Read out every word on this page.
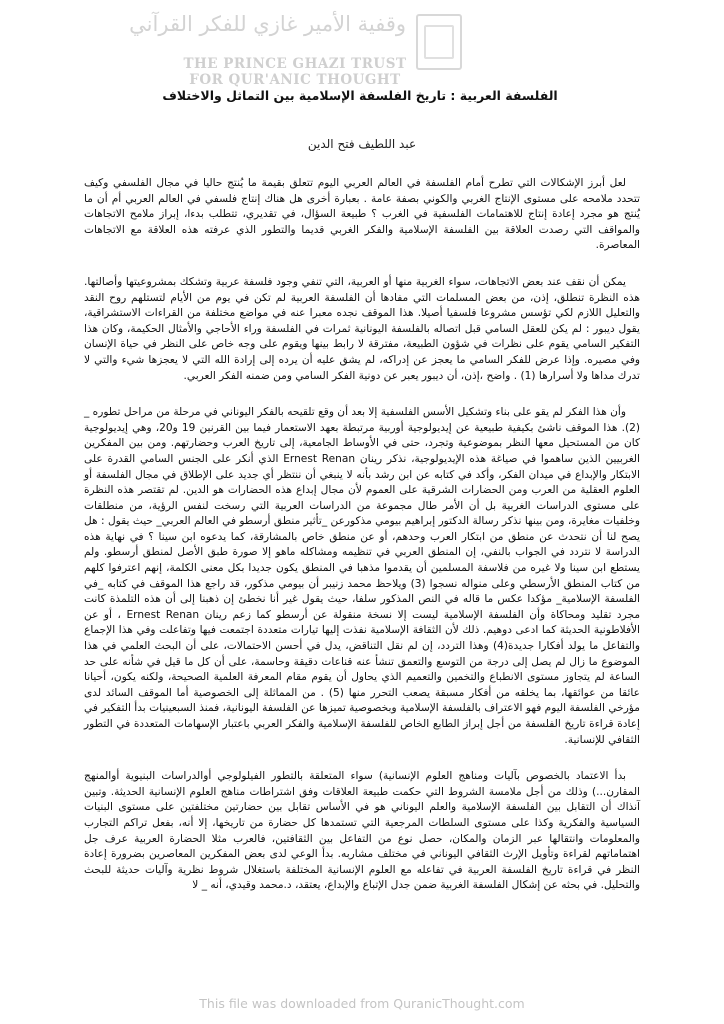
وقفية الأمير غازي للفكر القرآني
THE PRINCE GHAZI TRUST
FOR QUR'ANIC THOUGHT
الفلسفة العربية : تاريخ الفلسفة الإسلامية بين التماثل والاختلاف
عبد اللطيف فتح الدين

لعل أبرز الإشكالات التي تطرح أمام الفلسفة في العالم العربي اليوم تتعلق بقيمة ما يُنتج حاليا في مجال الفلسفي وكيف تتحدد ملامحه على مستوى الإنتاج الغربي والكوني بصفة عامة . بعبارة أخرى هل هناك إنتاج فلسفي في العالم العربي أم أن ما يُنتج هو مجرد إعادة إنتاج للاهتمامات الفلسفية في الغرب ؟ طبيعة السؤال، في تقديري، تتطلب بدءا، إبراز ملامح الاتجاهات والمواقف التي رصدت العلاقة بين الفلسفة الإسلامية والفكر الغربي قديما والتطور الذي عرفته هذه العلاقة مع الاتجاهات المعاصرة.

يمكن أن نقف عند بعض الاتجاهات، سواء الغربية منها أو العربية، التي تنفي وجود فلسفة عربية وتشكك بمشروعيتها وأصالتها. هذه النظرة تنطلق، إذن، من بعض المسلمات التي مفادها أن الفلسفة العربية لم تكن في يوم من الأيام لتستلهم روح النقد والتعليل اللازم لكي تؤسس مشروعا فلسفيا أصيلا. هذا الموقف نجده معبرا عنه في مواضع مختلفة من القراءات الاستشراقية، يقول ديبور : لم يكن للعقل السامي قبل اتصاله بالفلسفة اليونانية ثمرات في الفلسفة وراء الأحاجي والأمثال الحكيمة، وكان هذا التفكير السامي يقوم على نظرات في شؤون الطبيعة، مفترقة لا رابط بينها ويقوم على وجه خاص على النظر في حياة الإنسان وفي مصيره. وإذا عرض للفكر السامي ما يعجز عن إدراكه، لم يشق عليه أن يرده إلى إرادة الله التي لا يعجزها شيء والتي لا تدرك مداها ولا أسرارها (1) . واضح ،إذن، أن ديبور يعبر عن دونية الفكر السامي ومن ضمنه الفكر العربي.

وأن هذا الفكر لم يقو على بناء وتشكيل الأسس الفلسفية إلا بعد أن وقع تلقيحه بالفكر اليوناني في مرحلة من مراحل تطوره _ (2). هذا الموقف ناشئ بكيفية طبيعية عن إيديولوجية أوربية مرتبطة بعهد الاستعمار فيما بين القرنين 19 و20، وهي إيديولوجية كان من المستحيل معها النظر بموضوعية وتجرد، حتى في الأوساط الجامعية، إلى تاريخ العرب وحضارتهم. ومن بين المفكرين الغربيين الذين ساهموا في صياغة هذه الإيديولوجية، نذكر رينان Ernest Renan الذي أنكر على الجنس السامي القدرة على الابتكار والإبداع في ميدان الفكر، وأكد في كتابه عن ابن رشد بأنه لا ينبغي أن ننتظر أي جديد على الإطلاق في مجال الفلسفة أو العلوم العقلية من العرب ومن الحضارات الشرقية على العموم لأن مجال إبداع هذه الحضارات هو الدين. لم تقتصر هذه النظرة على مستوى الدراسات الغربية بل أن الأمر طال مجموعة من الدراسات العربية التي رسخت لنفس الرؤية، من منطلقات وخلفيات مغايرة، ومن بينها نذكر رسالة الدكتور إبراهيم بيومي مذكورعن _تأثير منطق أرسطو في العالم العربي_ حيث يقول : هل يصح لنا أن نتحدث عن منطق من ابتكار العرب وحدهم، أو عن منطق خاص بالمشارقة، كما يدعوه ابن سينا ؟ في نهاية هذه الدراسة لا نتردد في الجواب بالنفي، إن المنطق العربي في تنظيمه ومشاكله ماهو إلا صورة طبق الأصل لمنطق أرسطو. ولم يستطع ابن سينا ولا غيره من فلاسفة المسلمين أن يقدموا مذهبا في المنطق يكون جديدا بكل معنى الكلمة، إنهم اعترفوا كلهم من كتاب المنطق الأرسطي وعلى منواله نسجوا (3) ويلاحظ محمد زنيبر أن بيومي مذكور، قد راجع هذا الموقف في كتابه _في الفلسفة الإسلامية_ مؤكدا عكس ما قاله في النص المذكور سلفا، حيث يقول غير أنا نخطئ إن ذهبنا إلى أن هذه التلمذة كانت مجرد تقليد ومحاكاة وأن الفلسفة الإسلامية ليست إلا نسخة منقولة عن أرسطو كما زعم رينان Ernest Renan ، أو عن الأفلاطونية الحديثة كما ادعى دوهيم. ذلك لأن الثقافة الإسلامية نفذت إليها تيارات متعددة اجتمعت فيها وتفاعلت وفي هذا الإجماع والتفاعل ما يولد أفكارا جديدة(4) وهذا التردد، إن لم نقل التناقض، يدل في أحسن الاحتمالات، على أن البحث العلمي في هذا الموضوع ما زال لم يصل إلى درجة من التوسع والتعمق تنشأ عنه قناعات دقيقة وحاسمة، على أن كل ما قيل في شأنه على حد الساعة لم يتجاوز مستوى الانطباع والتخمين والتعميم الذي يحاول أن يقوم مقام المعرفة العلمية الصحيحة، ولكنه يكون، أحيانا عائقا من عوائقها، بما يخلقه من أفكار مسبقة يصعب التحرر منها (5) . من المماثلة إلى الخصوصية أما الموقف السائد لدى مؤرخي الفلسفة اليوم فهو الاعتراف بالفلسفة الإسلامية وبخصوصية تميزها عن الفلسفة اليونانية، فمنذ السبعينيات بدأ التفكير في إعادة قراءة تاريخ الفلسفة من أجل إبراز الطابع الخاص للفلسفة الإسلامية والفكر العربي باعتبار الإسهامات المتعددة في التطور الثقافي للإنسانية.

بدأ الاعتماد بالخصوص بآليات ومناهج العلوم الإنسانية) سواء المتعلقة بالتطور الفيلولوجي أوالدراسات البنيوية أوالمنهج المقارن...) وذلك من أجل ملامسة الشروط التي حكمت طبيعة العلاقات وفق اشتراطات مناهج العلوم الإنسانية الحديثة. وتبين آنذاك أن التقابل بين الفلسفة الإسلامية والعلم اليوناني هو في الأساس تقابل بين حضارتين مختلفتين على مستوى البنيات السياسية والفكرية وكذا على مستوى السلطات المرجعية التي تستمدها كل حضارة من تاريخها، إلا أنه، بفعل تراكم التجارب والمعلومات وانتقالها عبر الزمان والمكان، حصل نوع من التفاعل بين الثقافتين، فالعرب مثلا الحضارة العربية عرف جل اهتماماتهم لقراءة وتأويل الإرث الثقافي اليوناني في مختلف مشاربه. بدأ الوعي لدى بعض المفكرين المعاصرين بضرورة إعادة النظر في قراءة تاريخ الفلسفة العربية في تفاعله مع العلوم الإنسانية المختلفة باستغلال شروط نظرية وآليات حديثة للبحث والتحليل. في بحثه عن إشكال الفلسفة الغربية ضمن جدل الإتباع والإبداع، يعتقد، د.محمد وقيدي، أنه _ لا

This file was downloaded from QuranicThought.com
